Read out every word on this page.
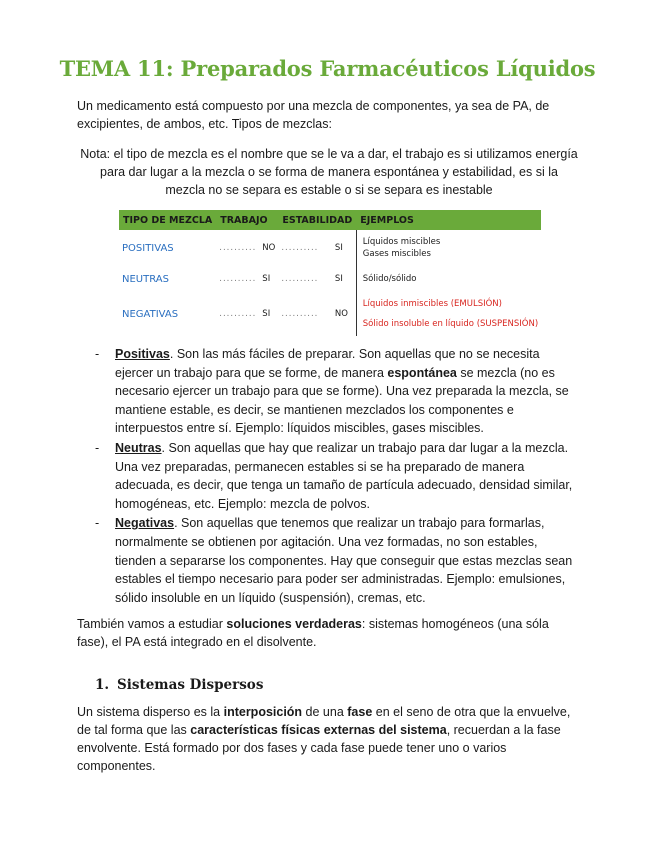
TEMA 11: Preparados Farmacéuticos Líquidos

Un medicamento está compuesto por una mezcla de componentes, ya sea de PA, de excipientes, de ambos, etc. Tipos de mezclas:

Nota: el tipo de mezcla es el nombre que se le va a dar, el trabajo es si utilizamos energía para dar lugar a la mezcla o se forma de manera espontánea y estabilidad, es si la mezcla no se separa es estable o si se separa es inestable

TIPO DE MEZCLA	TRABAJO		ESTABILIDAD		EJEMPLOS
POSITIVAS	..........	NO	..........	SI	Líquidos miscibles
Gases miscibles

NEUTRAS	..........	SI	..........	SI	Sólido/sólido

NEGATIVAS	..........	SI	..........	NO	Líquidos inmiscibles (EMULSIÓN)
Sólido insoluble en líquido (SUSPENSIÓN)
- Positivas. Son las más fáciles de preparar. Son aquellas que no se necesita ejercer un trabajo para que se forme, de manera espontánea se mezcla (no es necesario ejercer un trabajo para que se forme). Una vez preparada la mezcla, se mantiene estable, es decir, se mantienen mezclados los componentes e interpuestos entre sí. Ejemplo: líquidos miscibles, gases miscibles.
- Neutras. Son aquellas que hay que realizar un trabajo para dar lugar a la mezcla. Una vez preparadas, permanecen estables si se ha preparado de manera adecuada, es decir, que tenga un tamaño de partícula adecuado, densidad similar, homogéneas, etc. Ejemplo: mezcla de polvos.
- Negativas. Son aquellas que tenemos que realizar un trabajo para formarlas, normalmente se obtienen por agitación. Una vez formadas, no son estables, tienden a separarse los componentes. Hay que conseguir que estas mezclas sean estables el tiempo necesario para poder ser administradas. Ejemplo: emulsiones, sólido insoluble en un líquido (suspensión), cremas, etc.

También vamos a estudiar soluciones verdaderas: sistemas homogéneos (una sóla fase), el PA está integrado en el disolvente.

1. Sistemas Dispersos

Un sistema disperso es la interposición de una fase en el seno de otra que la envuelve, de tal forma que las características físicas externas del sistema, recuerdan a la fase envolvente. Está formado por dos fases y cada fase puede tener uno o varios componentes.
